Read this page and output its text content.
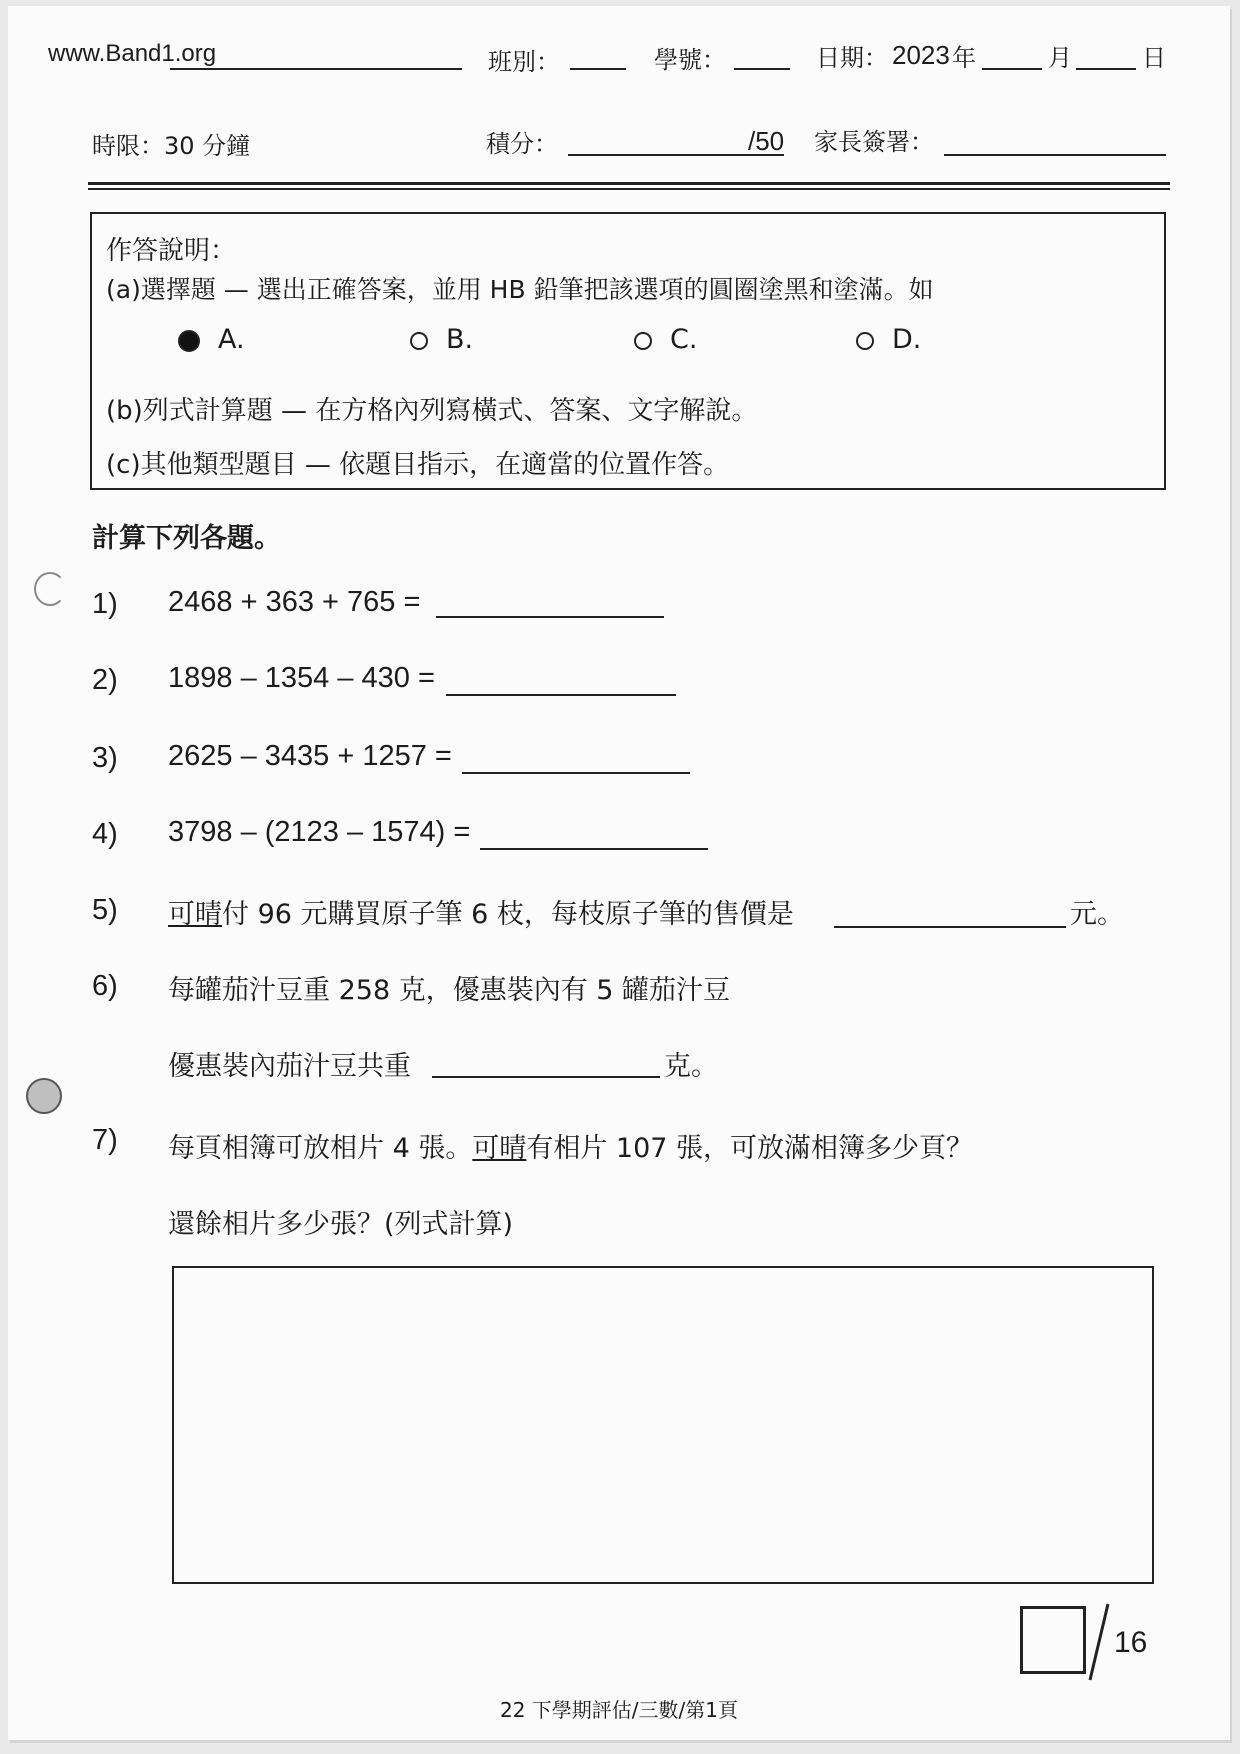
www.Band1.org	班別：	學號：	日期： 2023 年	月	日
時限：30 分鐘	積分：	/50 家長簽署：
作答說明：
(a)選擇題 — 選出正確答案，並用 HB 鉛筆把該選項的圓圈塗黑和塗滿。如
A.	B.	C.	D.
(b)列式計算題 — 在方格內列寫橫式、答案、文字解說。
(c)其他類型題目 — 依題目指示，在適當的位置作答。
計算下列各題。
1) 2468 + 363 + 765 =
2) 1898 – 1354 – 430 =
3) 2625 – 3435 + 1257 =
4) 3798 – (2123 – 1574) =
5) 可晴付 96 元購買原子筆 6 枝，每枝原子筆的售價是	元。
6) 每罐茄汁豆重 258 克，優惠裝內有 5 罐茄汁豆
優惠裝內茄汁豆共重	克。
7) 每頁相簿可放相片 4 張。可晴有相片 107 張，可放滿相簿多少頁？
還餘相片多少張？(列式計算)
16
22 下學期評估/三數/第1頁
